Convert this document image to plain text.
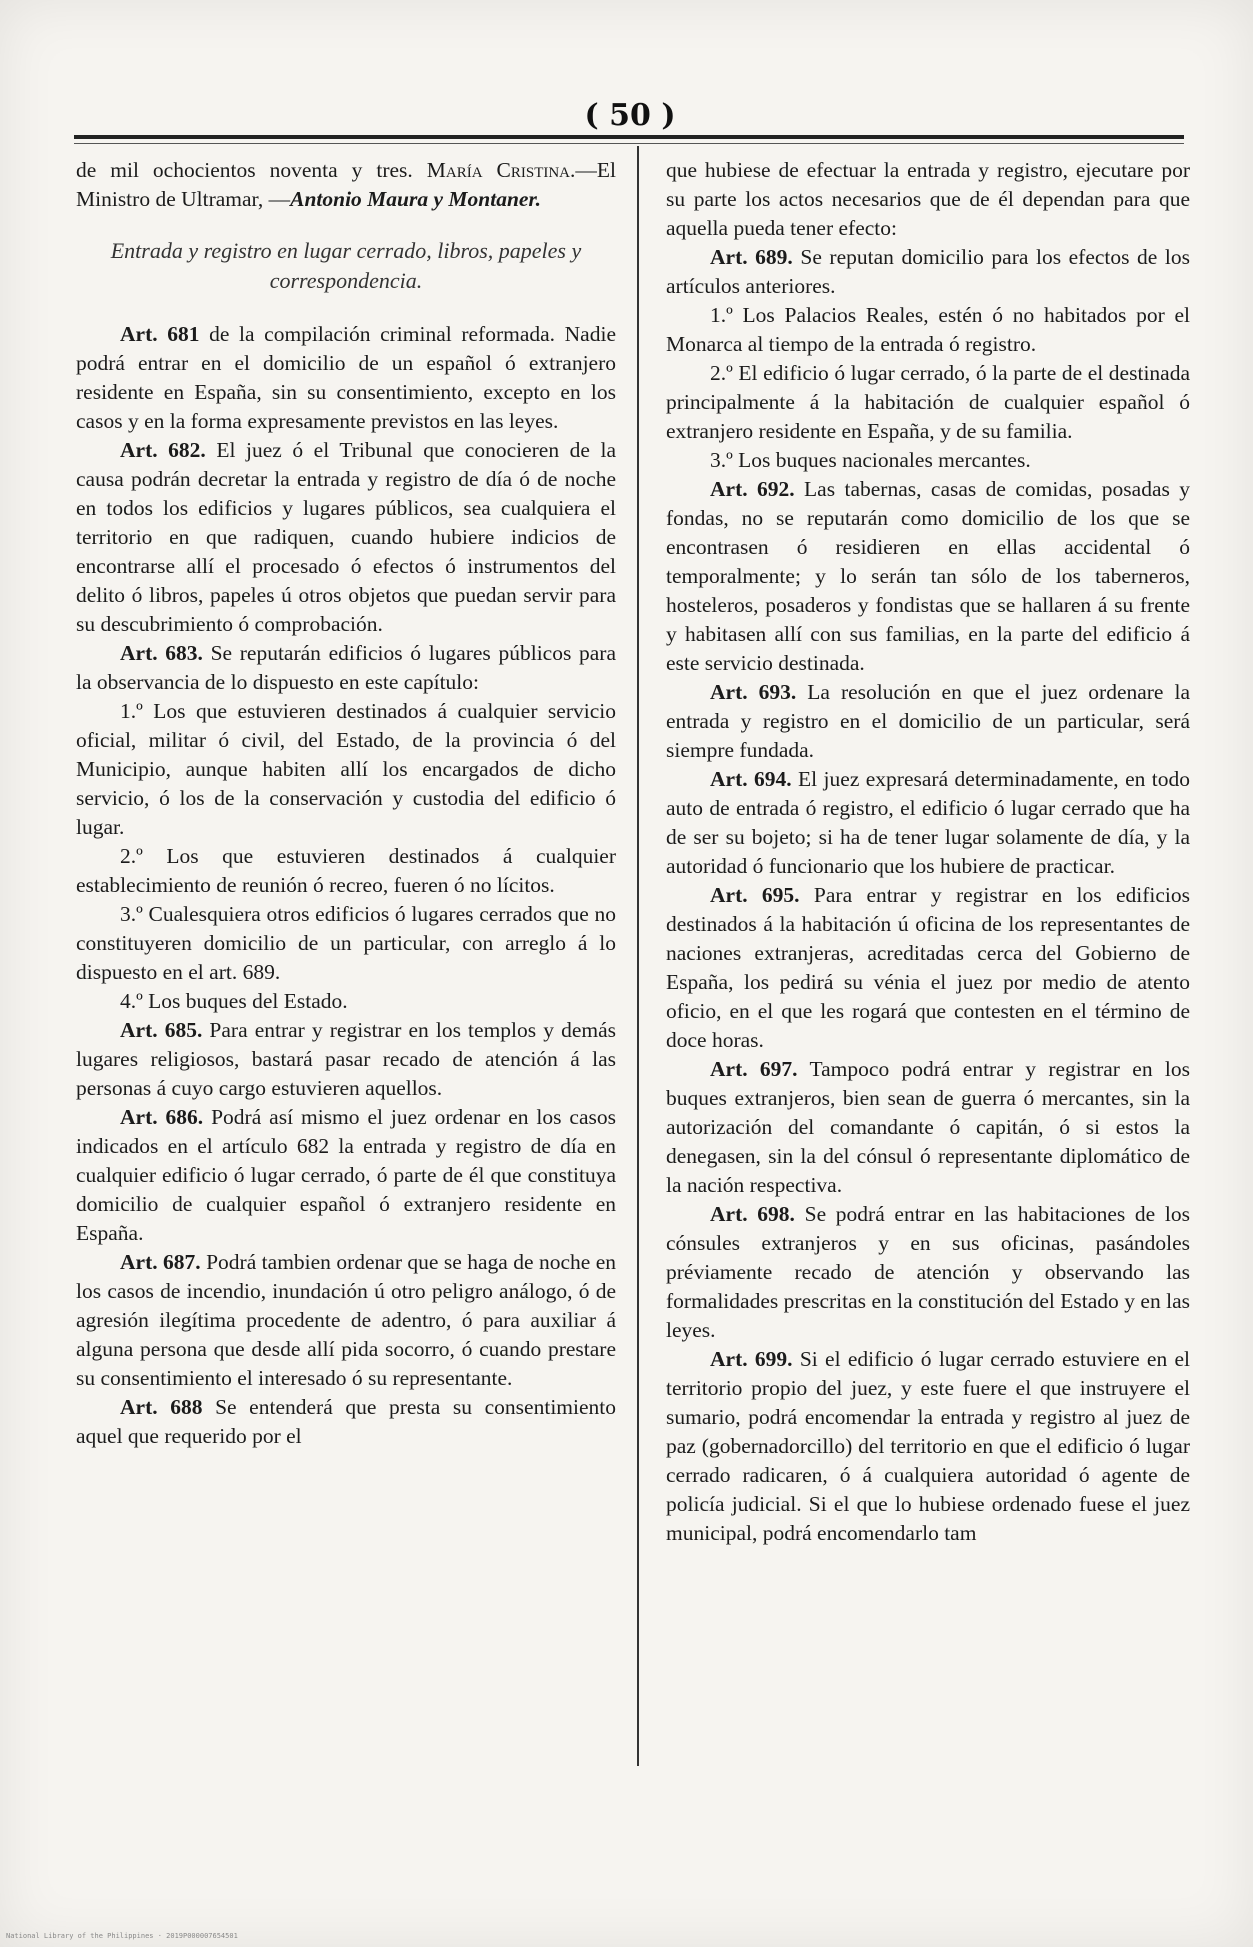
( 50 )

de mil ochocientos noventa y tres. María Cristina.—El Ministro de Ultramar, —Antonio Maura y Montaner.

Entrada y registro en lugar cerrado, libros, papeles y correspondencia.

Art. 681 de la compilación criminal reformada. Nadie podrá entrar en el domicilio de un español ó extranjero residente en España, sin su consentimiento, excepto en los casos y en la forma expresamente previstos en las leyes.

Art. 682. El juez ó el Tribunal que conocieren de la causa podrán decretar la entrada y registro de día ó de noche en todos los edificios y lugares públicos, sea cualquiera el territorio en que radiquen, cuando hubiere indicios de encontrarse allí el procesado ó efectos ó instrumentos del delito ó libros, papeles ú otros objetos que puedan servir para su descubrimiento ó comprobación.

Art. 683. Se reputarán edificios ó lugares públicos para la observancia de lo dispuesto en este capítulo:

1.º Los que estuvieren destinados á cualquier servicio oficial, militar ó civil, del Estado, de la provincia ó del Municipio, aunque habiten allí los encargados de dicho servicio, ó los de la conservación y custodia del edificio ó lugar.

2.º Los que estuvieren destinados á cualquier establecimiento de reunión ó recreo, fueren ó no lícitos.

3.º Cualesquiera otros edificios ó lugares cerrados que no constituyeren domicilio de un particular, con arreglo á lo dispuesto en el art. 689.

4.º Los buques del Estado.

Art. 685. Para entrar y registrar en los templos y demás lugares religiosos, bastará pasar recado de atención á las personas á cuyo cargo estuvieren aquellos.

Art. 686. Podrá así mismo el juez ordenar en los casos indicados en el artículo 682 la entrada y registro de día en cualquier edificio ó lugar cerrado, ó parte de él que constituya domicilio de cualquier español ó extranjero residente en España.

Art. 687. Podrá tambien ordenar que se haga de noche en los casos de incendio, inundación ú otro peligro análogo, ó de agresión ilegítima procedente de adentro, ó para auxiliar á alguna persona que desde allí pida socorro, ó cuando prestare su consentimiento el interesado ó su representante.

Art. 688 Se entenderá que presta su consentimiento aquel que requerido por el

que hubiese de efectuar la entrada y registro, ejecutare por su parte los actos necesarios que de él dependan para que aquella pueda tener efecto:

Art. 689. Se reputan domicilio para los efectos de los artículos anteriores.

1.º Los Palacios Reales, estén ó no habitados por el Monarca al tiempo de la entrada ó registro.

2.º El edificio ó lugar cerrado, ó la parte de el destinada principalmente á la habitación de cualquier español ó extranjero residente en España, y de su familia.

3.º Los buques nacionales mercantes.

Art. 692. Las tabernas, casas de comidas, posadas y fondas, no se reputarán como domicilio de los que se encontrasen ó residieren en ellas accidental ó temporalmente; y lo serán tan sólo de los taberneros, hosteleros, posaderos y fondistas que se hallaren á su frente y habitasen allí con sus familias, en la parte del edificio á este servicio destinada.

Art. 693. La resolución en que el juez ordenare la entrada y registro en el domicilio de un particular, será siempre fundada.

Art. 694. El juez expresará determinadamente, en todo auto de entrada ó registro, el edificio ó lugar cerrado que ha de ser su bojeto; si ha de tener lugar solamente de día, y la autoridad ó funcionario que los hubiere de practicar.

Art. 695. Para entrar y registrar en los edificios destinados á la habitación ú oficina de los representantes de naciones extranjeras, acreditadas cerca del Gobierno de España, los pedirá su vénia el juez por medio de atento oficio, en el que les rogará que contesten en el término de doce horas.

Art. 697. Tampoco podrá entrar y registrar en los buques extranjeros, bien sean de guerra ó mercantes, sin la autorización del comandante ó capitán, ó si estos la denegasen, sin la del cónsul ó representante diplomático de la nación respectiva.

Art. 698. Se podrá entrar en las habitaciones de los cónsules extranjeros y en sus oficinas, pasándoles préviamente recado de atención y observando las formalidades prescritas en la constitución del Estado y en las leyes.

Art. 699. Si el edificio ó lugar cerrado estuviere en el territorio propio del juez, y este fuere el que instruyere el sumario, podrá encomendar la entrada y registro al juez de paz (gobernadorcillo) del territorio en que el edificio ó lugar cerrado radicaren, ó á cualquiera autoridad ó agente de policía judicial. Si el que lo hubiese ordenado fuese el juez municipal, podrá encomendarlo tam

National Library of the Philippines · 2019P000007654501
